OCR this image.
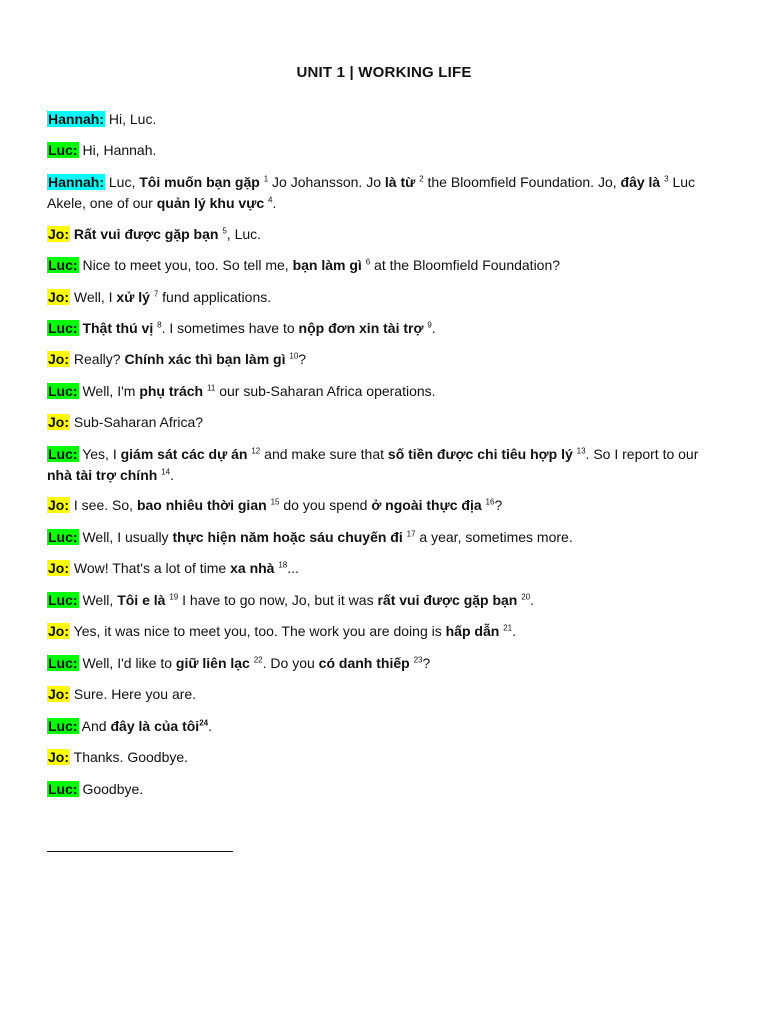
UNIT 1 | WORKING LIFE
Hannah: Hi, Luc.
Luc: Hi, Hannah.
Hannah: Luc, Tôi muốn bạn gặp $^1$ Jo Johansson. Jo là từ $^2$ the Bloomfield Foundation. Jo, đây là $^3$ Luc Akele, one of our quản lý khu vực $^4$.
Jo: Rất vui được gặp bạn $^5$, Luc.
Luc: Nice to meet you, too. So tell me, bạn làm gì $^6$ at the Bloomfield Foundation?
Jo: Well, I xử lý $^7$ fund applications.
Luc: Thật thú vị $^8$. I sometimes have to nộp đơn xin tài trợ $^9$.
Jo: Really? Chính xác thì bạn làm gì $^{10}$?
Luc: Well, I'm phụ trách $^{11}$ our sub-Saharan Africa operations.
Jo: Sub-Saharan Africa?
Luc: Yes, I giám sát các dự án $^{12}$ and make sure that số tiền được chi tiêu hợp lý $^{13}$. So I report to our nhà tài trợ chính $^{14}$.
Jo: I see. So, bao nhiêu thời gian $^{15}$ do you spend ở ngoài thực địa $^{16}$?
Luc: Well, I usually thực hiện năm hoặc sáu chuyến đi $^{17}$ a year, sometimes more.
Jo: Wow! That's a lot of time xa nhà $^{18}$...
Luc: Well, Tôi e là $^{19}$ I have to go now, Jo, but it was rất vui được gặp bạn $^{20}$.
Jo: Yes, it was nice to meet you, too. The work you are doing is hấp dẫn $^{21}$.
Luc: Well, I'd like to giữ liên lạc $^{22}$. Do you có danh thiếp $^{23}$?
Jo: Sure. Here you are.
Luc: And đây là của tôi$^{24}$.
Jo: Thanks. Goodbye.
Luc: Goodbye.
